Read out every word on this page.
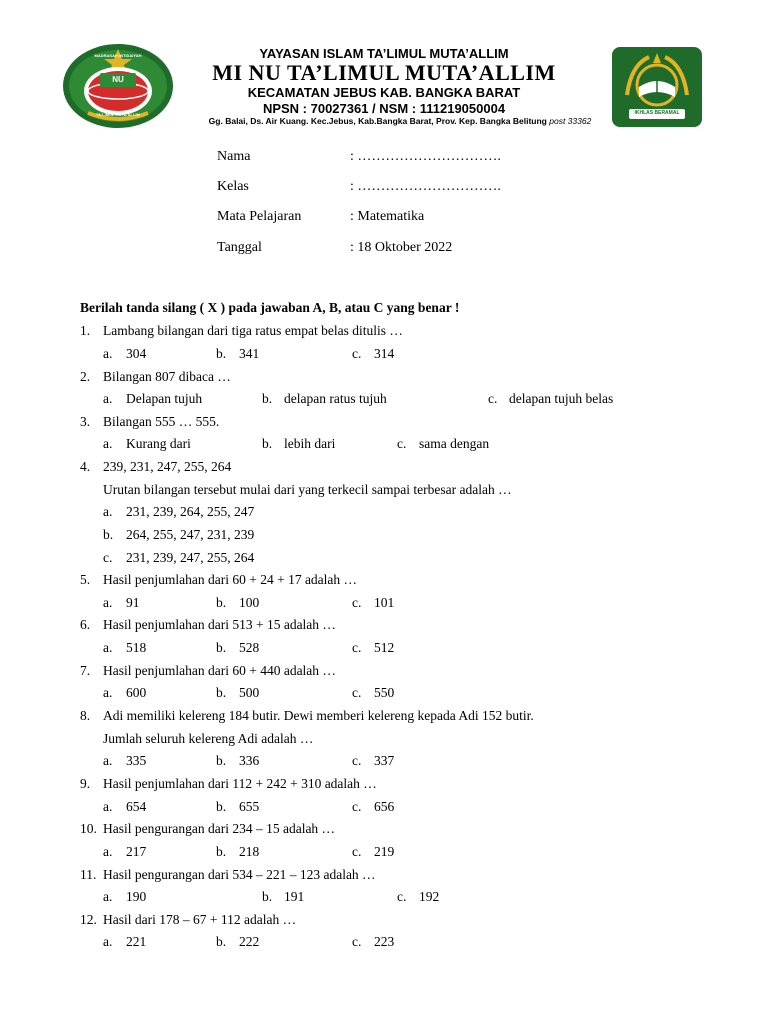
MADRASAH IBTIDAIYAH
NU
TA'LIMUL MUTA'ALLIM	IKHLAS BERAMAL
YAYASAN ISLAM TA’LIMUL MUTA’ALLIM
MI NU TA’LIMUL MUTA’ALLIM
KECAMATAN JEBUS KAB. BANGKA BARAT
NPSN : 70027361 / NSM : 111219050004
Gg. Balai, Ds. Air Kuang. Kec.Jebus, Kab.Bangka Barat, Prov. Kep. Bangka Belitung post 33362
Nama	: ………………………….
Kelas	: ………………………….
Mata Pelajaran	: Matematika
Tanggal	: 18 Oktober 2022
Berilah tanda silang ( X ) pada jawaban A, B, atau C yang benar !
1. Lambang bilangan dari tiga ratus empat belas ditulis …
a. 304	b. 341	c. 314
2. Bilangan 807 dibaca …
a. Delapan tujuh	b. delapan ratus tujuh	c. delapan tujuh belas
3. Bilangan 555 … 555.
a. Kurang dari	b. lebih dari	c. sama dengan
4. 239, 231, 247, 255, 264
Urutan bilangan tersebut mulai dari yang terkecil sampai terbesar adalah …
a. 231, 239, 264, 255, 247
b. 264, 255, 247, 231, 239
c. 231, 239, 247, 255, 264
5. Hasil penjumlahan dari 60 + 24 + 17 adalah …
a. 91	b. 100	c. 101
6. Hasil penjumlahan dari 513 + 15 adalah …
a. 518	b. 528	c. 512
7. Hasil penjumlahan dari 60 + 440 adalah …
a. 600	b. 500	c. 550
8. Adi memiliki kelereng 184 butir. Dewi memberi kelereng kepada Adi 152 butir.
Jumlah seluruh kelereng Adi adalah …
a. 335	b. 336	c. 337
9. Hasil penjumlahan dari 112 + 242 + 310 adalah …
a. 654	b. 655	c. 656
10. Hasil pengurangan dari 234 – 15 adalah …
a. 217	b. 218	c. 219
11. Hasil pengurangan dari 534 – 221 – 123 adalah …
a. 190	b. 191	c. 192
12. Hasil dari 178 – 67 + 112 adalah …
a. 221	b. 222	c. 223
